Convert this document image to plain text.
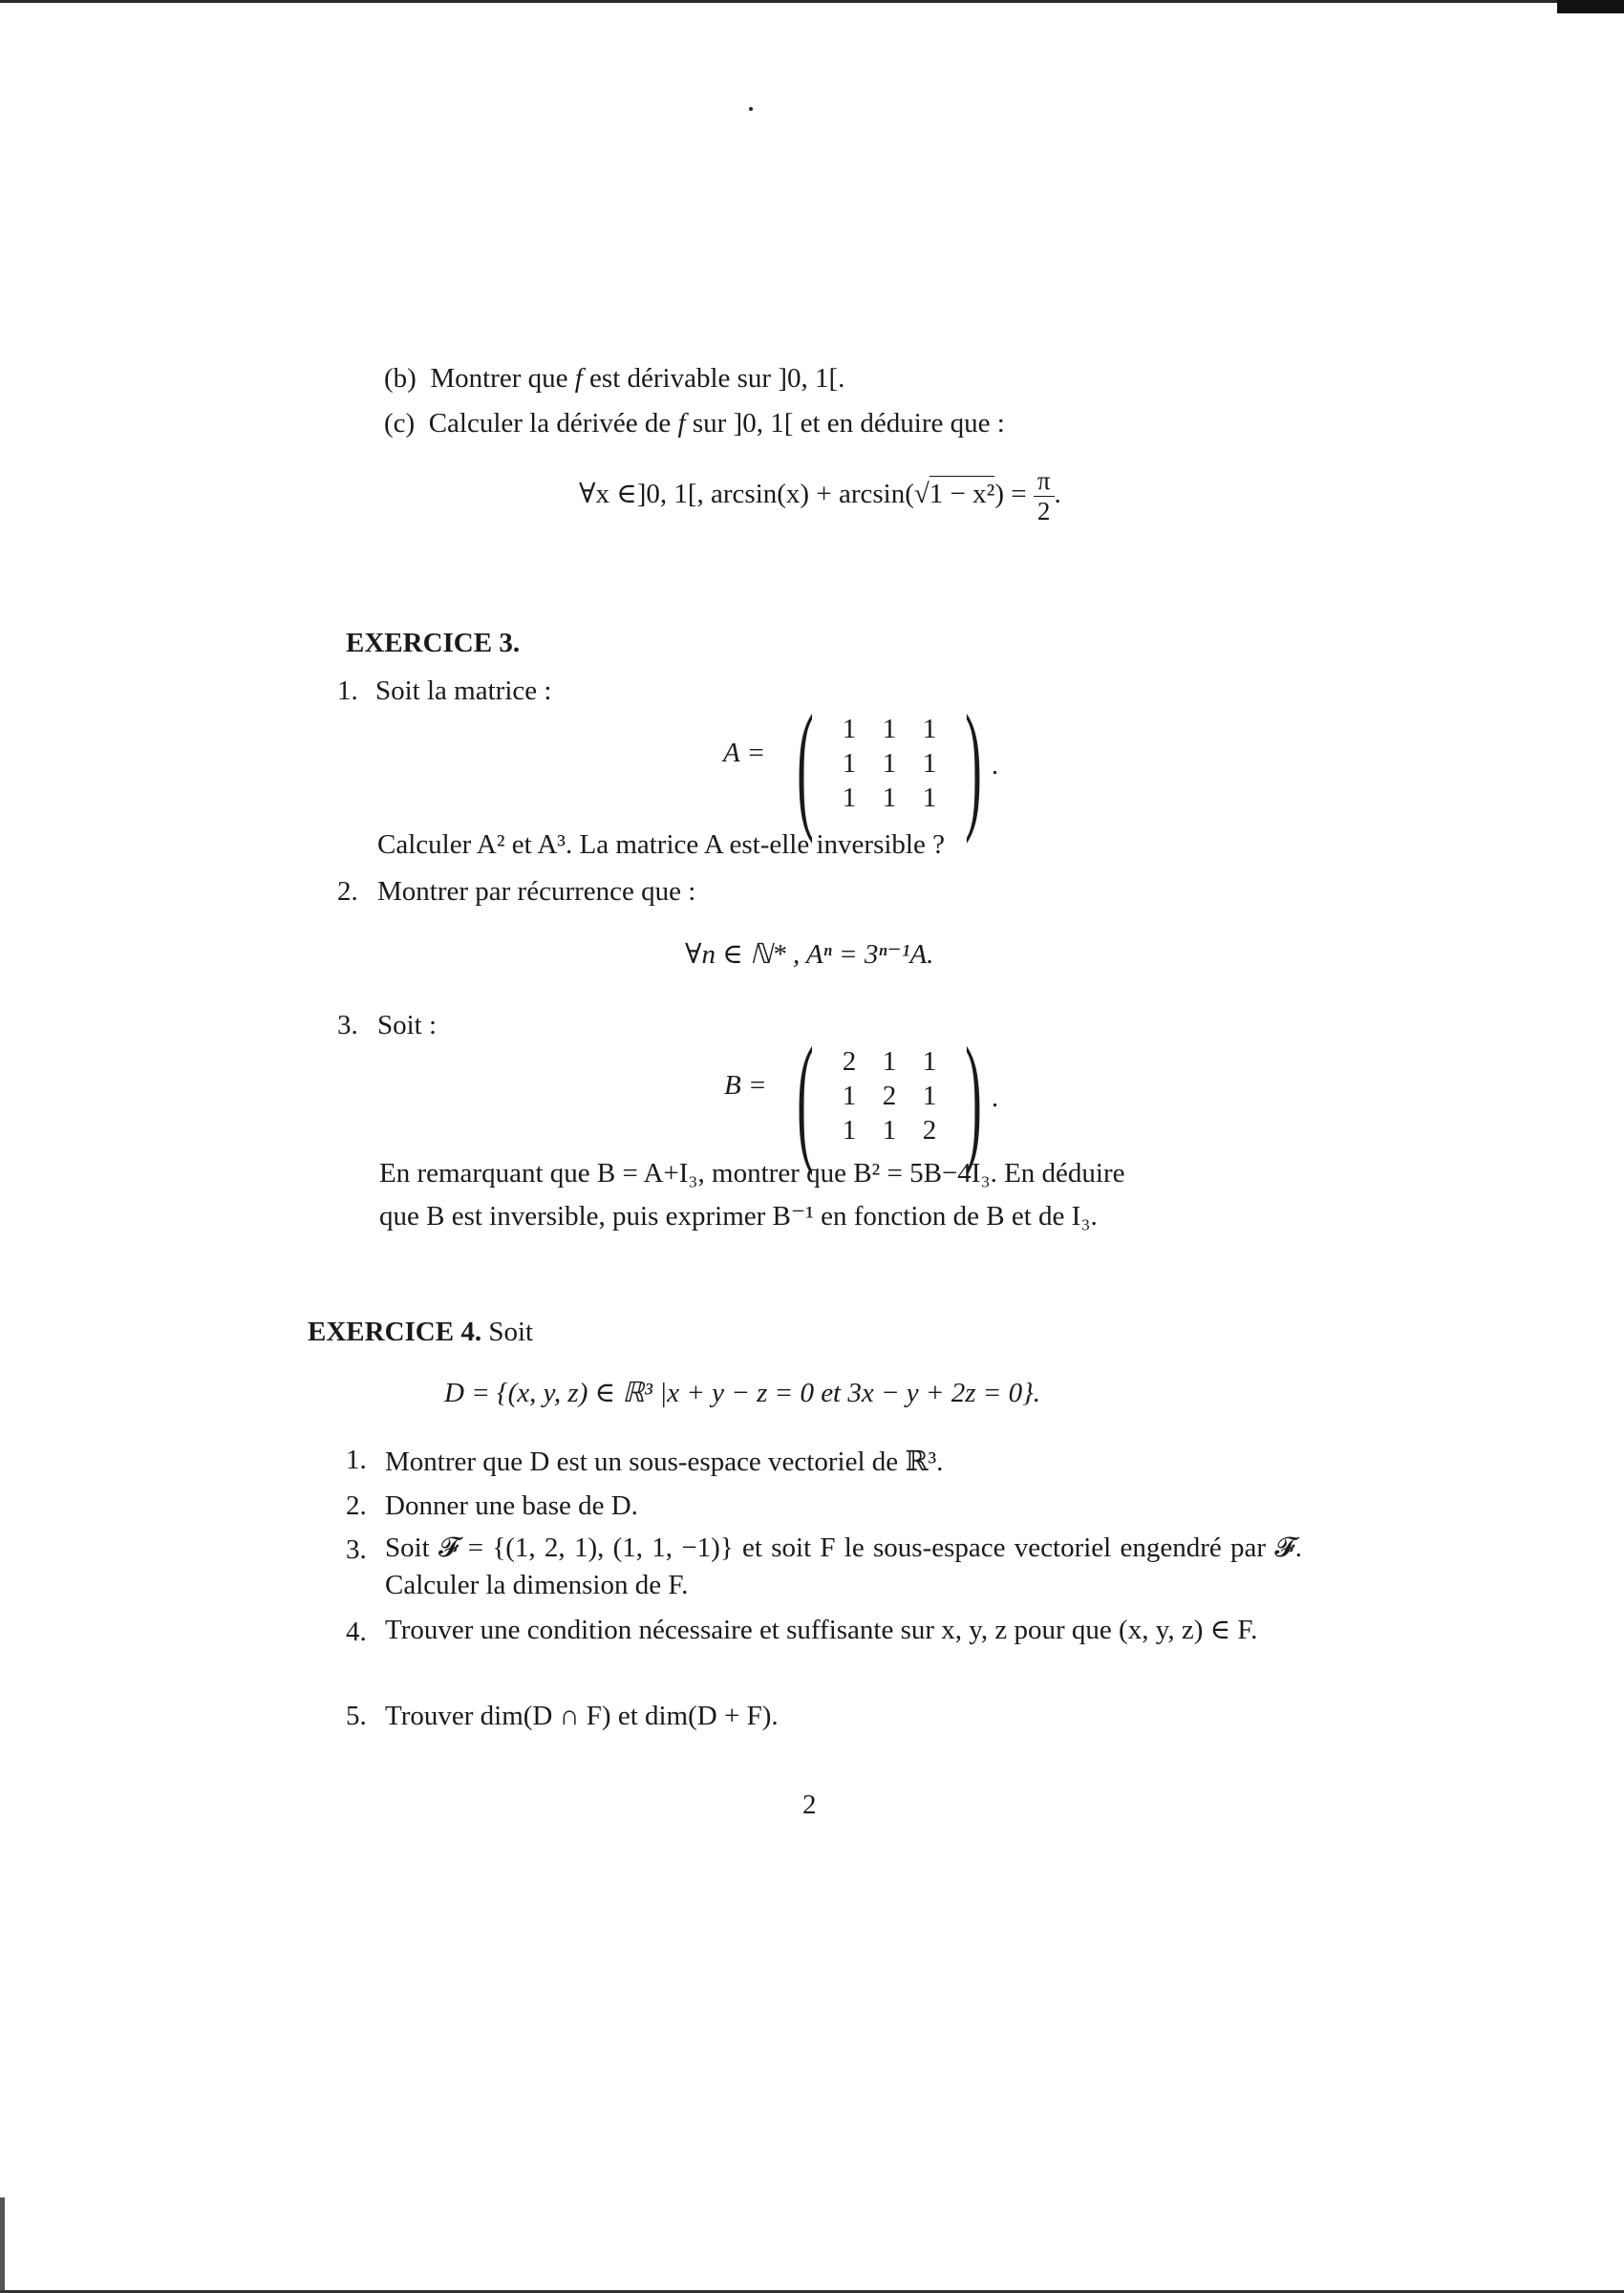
(b) Montrer que f est dérivable sur ]0, 1[.
(c) Calculer la dérivée de f sur ]0, 1[ et en déduire que :
∀x ∈]0, 1[, $\arcsin(x) + \arcsin(√1 - x^2) = \frac{\pi}{2}$ .
EXERCICE 3.
1. Soit la matrice :
A = (	1 1 1
1 1 1
1 1 1 ) .
Calculer A² et A³. La matrice A est-elle inversible ?
2. Montrer par récurrence que :
∀n ∈ ℕ* , Aⁿ = 3ⁿ⁻¹A.
3. Soit :
B = (	2 1 1
1 2 1
1 1 2 ) .
En remarquant que B = A+I₃, montrer que B² = 5B−4I₃. En déduire
que B est inversible, puis exprimer B⁻¹ en fonction de B et de I₃.
EXERCICE 4. Soit
D = {(x, y, z) ∈ ℝ³ |x + y − z = 0 et 3x − y + 2z = 0}.
1. Montrer que D est un sous-espace vectoriel de ℝ³.
2. Donner une base de D.
3. Soit 𝓕 = {(1, 2, 1), (1, 1, −1)} et soit F le sous-espace vectoriel engendré par 𝓕. Calculer la dimension de F.
4. Trouver une condition nécessaire et suffisante sur x, y, z pour que (x, y, z) ∈ F.
5. Trouver dim(D ∩ F) et dim(D + F).
2
